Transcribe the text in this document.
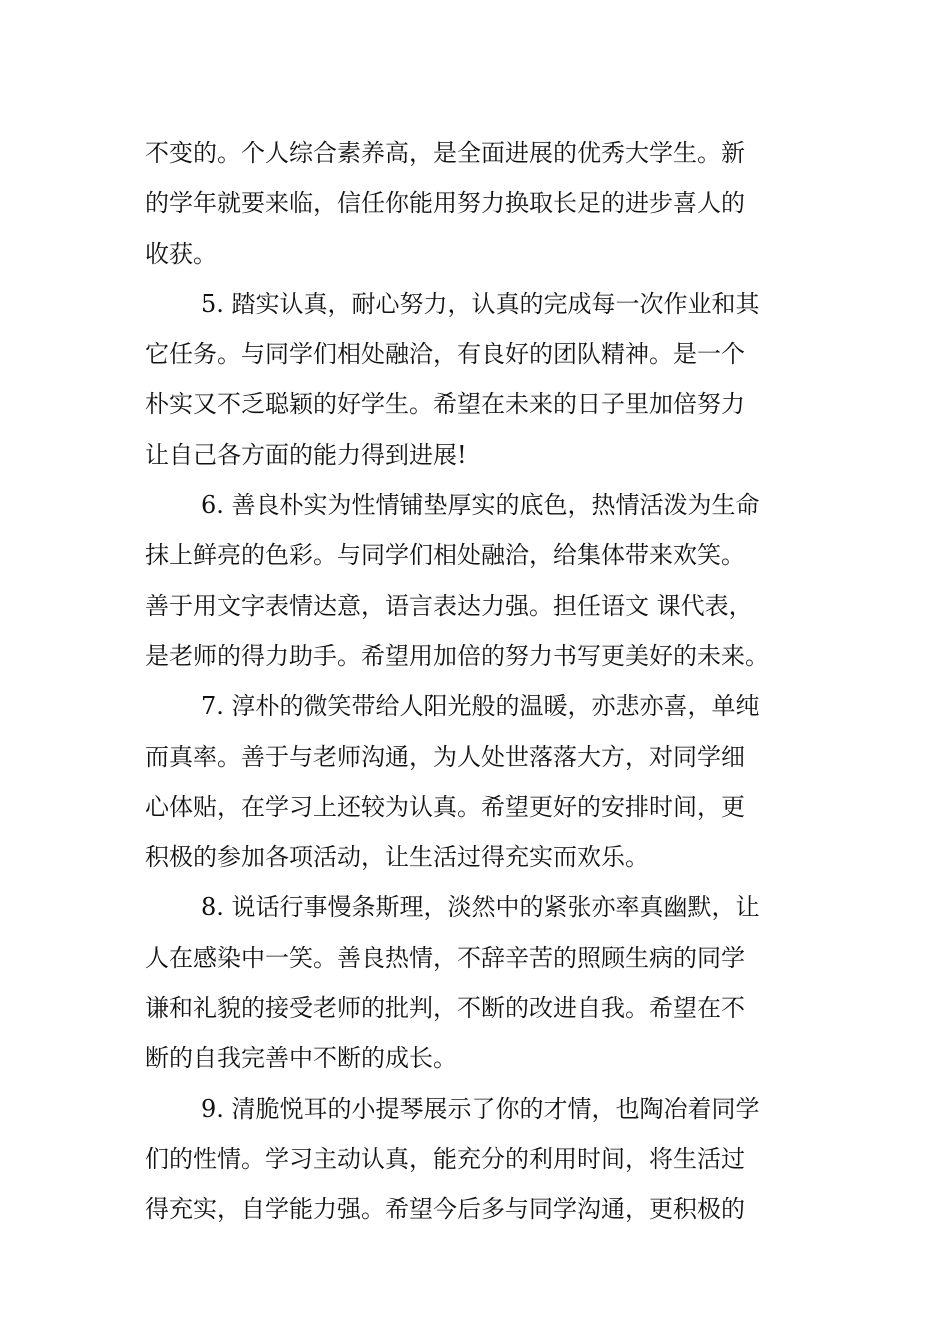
不变的。个人综合素养高，是全面进展的优秀大学生。新
的学年就要来临，信任你能用努力换取长足的进步喜人的
收获。
5. 踏实认真，耐心努力，认真的完成每一次作业和其
它任务。与同学们相处融洽，有良好的团队精神。是一个
朴实又不乏聪颖的好学生。希望在未来的日子里加倍努力
让自己各方面的能力得到进展!
6. 善良朴实为性情铺垫厚实的底色，热情活泼为生命
抹上鲜亮的色彩。与同学们相处融洽，给集体带来欢笑。
善于用文字表情达意，语言表达力强。担任语文 课代表，
是老师的得力助手。希望用加倍的努力书写更美好的未来。
7. 淳朴的微笑带给人阳光般的温暖，亦悲亦喜，单纯
而真率。善于与老师沟通，为人处世落落大方，对同学细
心体贴，在学习上还较为认真。希望更好的安排时间，更
积极的参加各项活动，让生活过得充实而欢乐。
8. 说话行事慢条斯理，淡然中的紧张亦率真幽默，让
人在感染中一笑。善良热情，不辞辛苦的照顾生病的同学
谦和礼貌的接受老师的批判，不断的改进自我。希望在不
断的自我完善中不断的成长。
9. 清脆悦耳的小提琴展示了你的才情，也陶冶着同学
们的性情。学习主动认真，能充分的利用时间，将生活过
得充实，自学能力强。希望今后多与同学沟通，更积极的
